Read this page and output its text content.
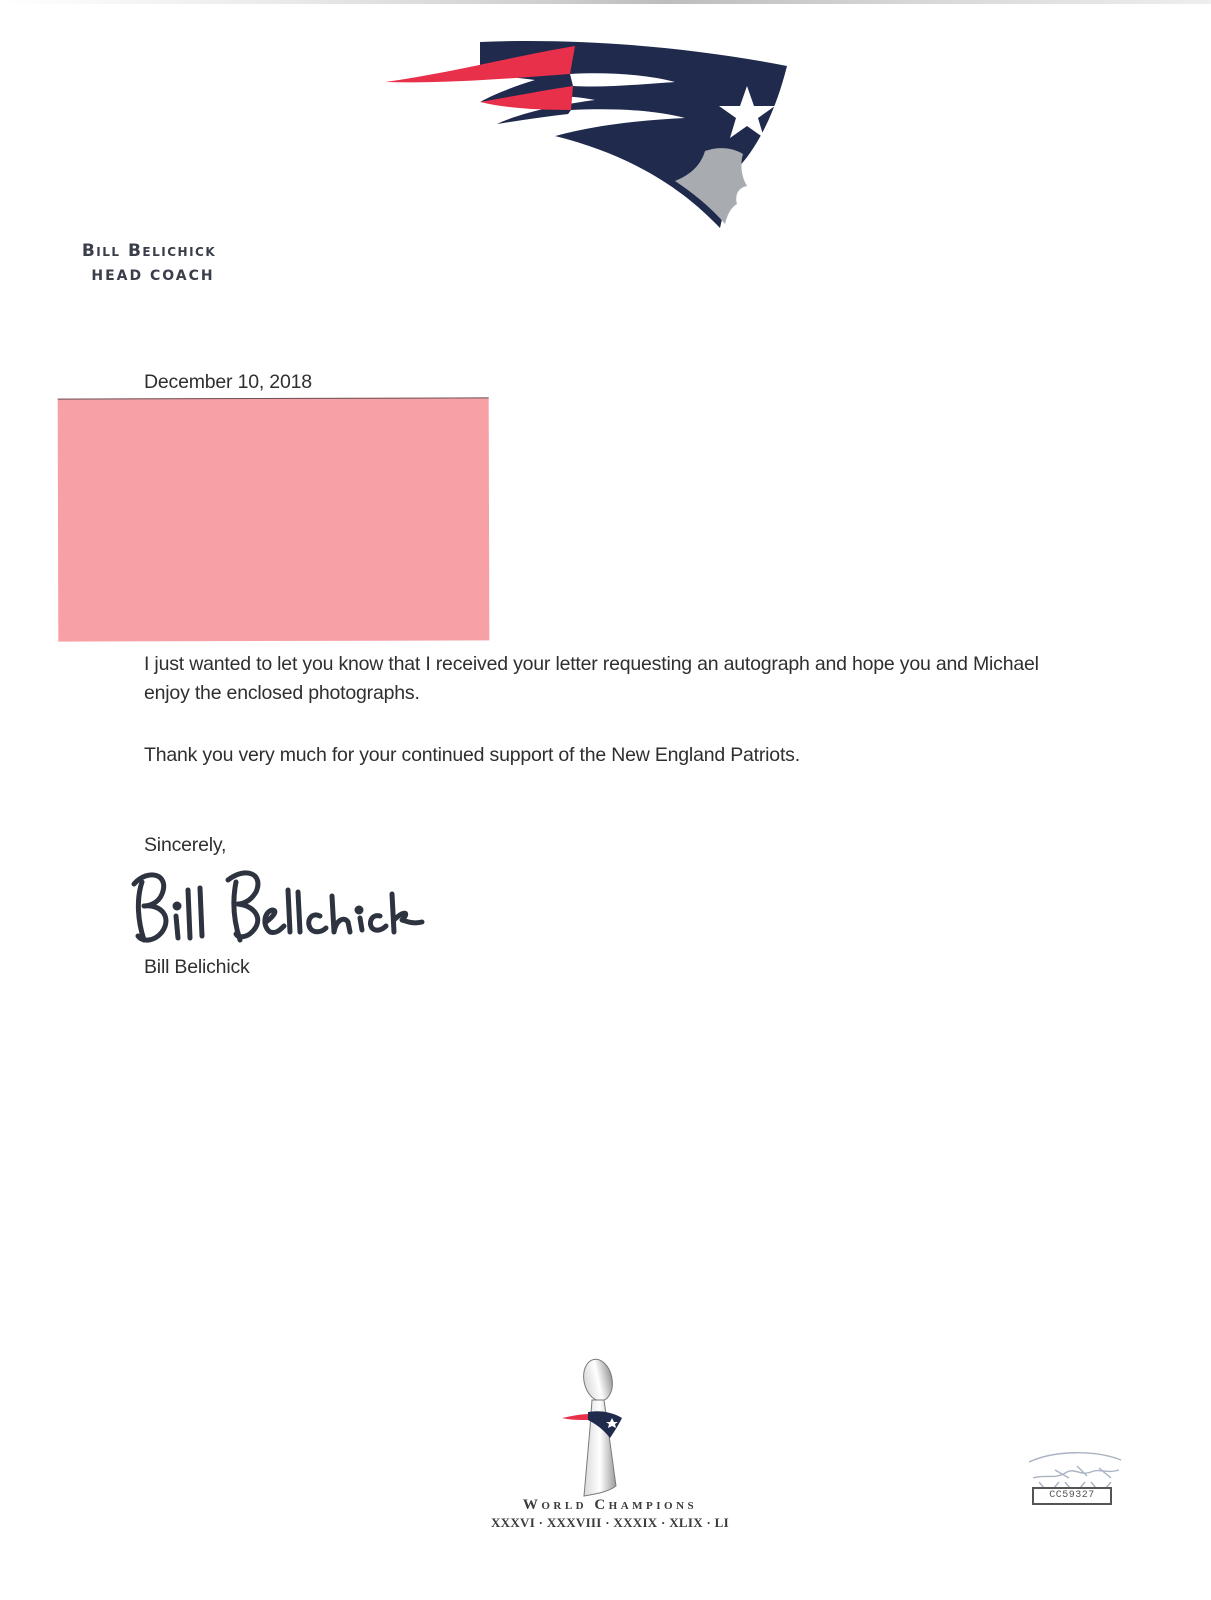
Bill Belichick
HEAD COACH
December 10, 2018
I just wanted to let you know that I received your letter requesting an autograph and hope you and Michael enjoy the enclosed photographs.
Thank you very much for your continued support of the New England Patriots.
Sincerely,
Bill Belichick
World Champions
XXXVI · XXXVIII · XXXIX · XLIX · LI
CC59327
